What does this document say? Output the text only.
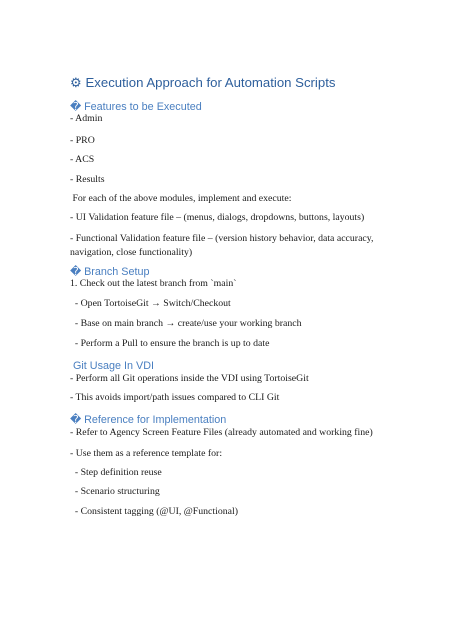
⚙ Execution Approach for Automation Scripts
� Features to be Executed
- Admin
- PRO
- ACS
- Results
For each of the above modules, implement and execute:
- UI Validation feature file – (menus, dialogs, dropdowns, buttons, layouts)
- Functional Validation feature file – (version history behavior, data accuracy, navigation, close functionality)
� Branch Setup
1. Check out the latest branch from `main`
- Open TortoiseGit → Switch/Checkout
- Base on main branch → create/use your working branch
- Perform a Pull to ensure the branch is up to date
Git Usage In VDI
- Perform all Git operations inside the VDI using TortoiseGit
- This avoids import/path issues compared to CLI Git
� Reference for Implementation
- Refer to Agency Screen Feature Files (already automated and working fine)
- Use them as a reference template for:
- Step definition reuse
- Scenario structuring
- Consistent tagging (@UI, @Functional)
